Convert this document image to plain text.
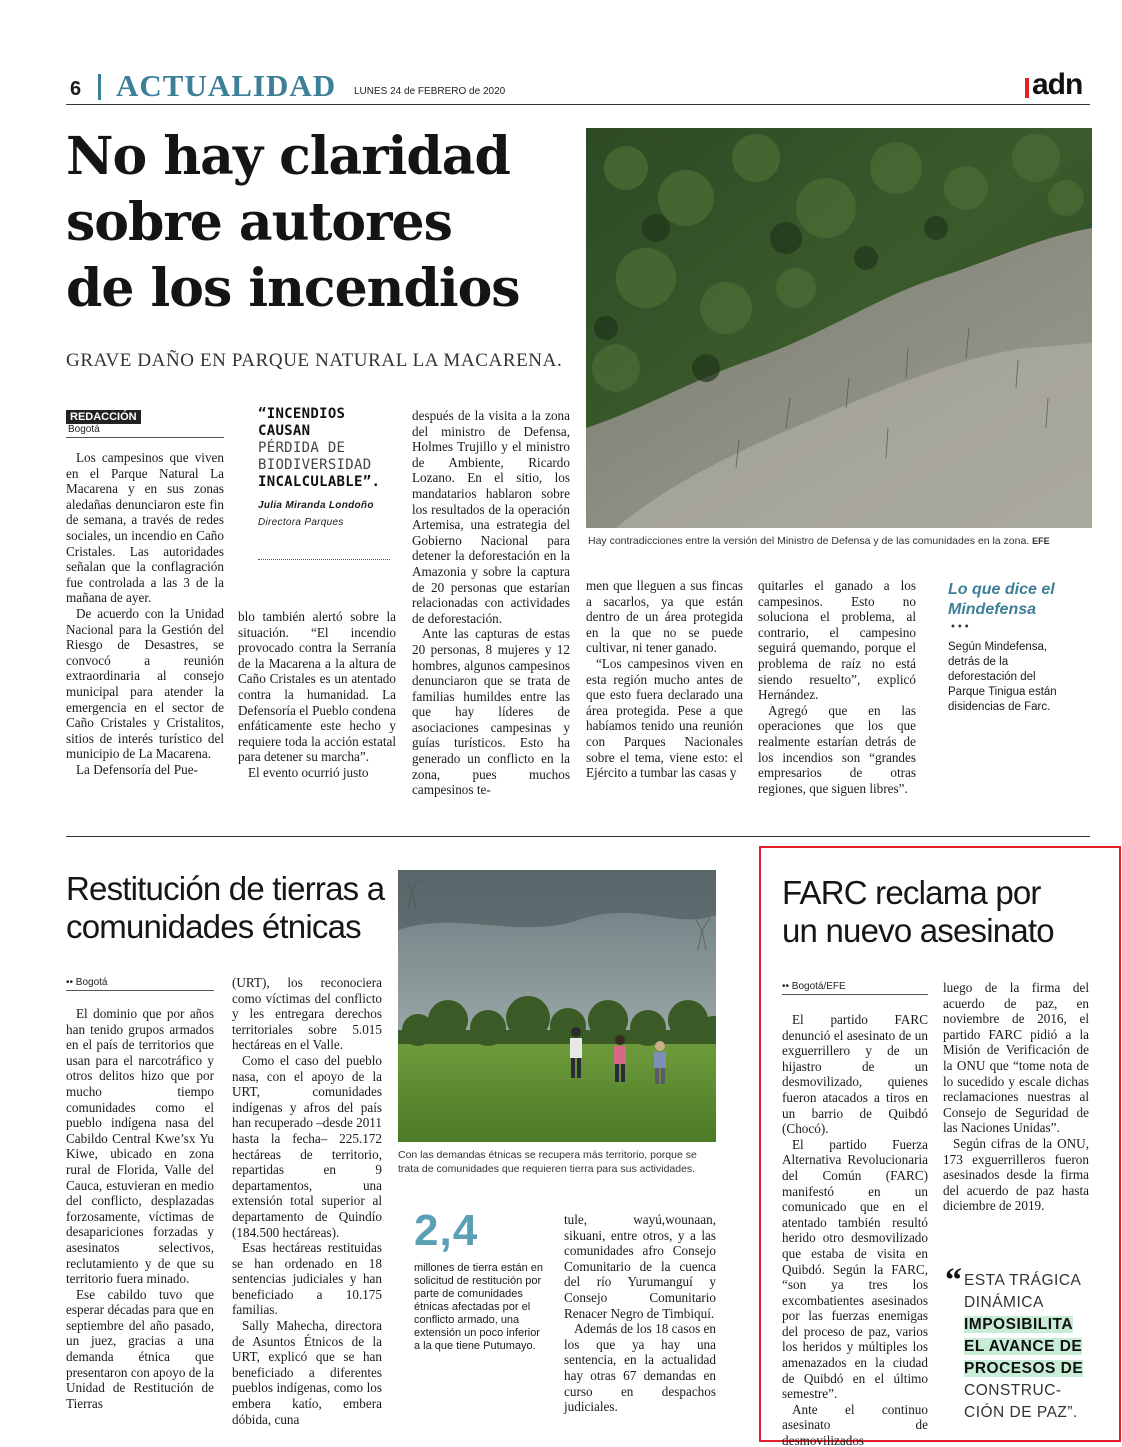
6 ACTUALIDAD LUNES 24 de FEBRERO de 2020	adn
No hay claridad
sobre autores
de los incendios
GRAVE DAÑO EN PARQUE NATURAL LA MACARENA.
Hay contradicciones entre la versión del Ministro de Defensa y de las comunidades en la zona. EFE
REDACCIÓN
Bogotá

Los campesinos que viven en el Parque Natural La Macarena y en sus zonas aledañas denunciaron este fin de semana, a través de redes sociales, un incendio en Caño Cristales. Las autoridades señalan que la conflagración fue controlada a las 3 de la mañana de ayer.

De acuerdo con la Unidad Nacional para la Gestión del Riesgo de Desastres, se convocó a reunión extraordinaria al consejo municipal para atender la emergencia en el sector de Caño Cristales y Cristalitos, sitios de interés turístico del municipio de La Macarena.

La Defensoría del Pue-

“INCENDIOS CAUSAN
PÉRDIDA DE BIODIVERSIDAD
INCALCULABLE”.
Julia Miranda Londoño
Directora Parques

blo también alertó sobre la situación. “El incendio provocado contra la Serranía de la Macarena a la altura de Caño Cristales es un atentado contra la humanidad. La Defensoría el Pueblo condena enfáticamente este hecho y requiere toda la acción estatal para detener su marcha”.

El evento ocurrió justo

después de la visita a la zona del ministro de Defensa, Holmes Trujillo y el ministro de Ambiente, Ricardo Lozano. En el sitio, los mandatarios hablaron sobre los resultados de la operación Artemisa, una estrategia del Gobierno Nacional para detener la deforestación en la Amazonia y sobre la captura de 20 personas que estarían relacionadas con actividades de deforestación.

Ante las capturas de estas 20 personas, 8 mujeres y 12 hombres, algunos campesinos denunciaron que se trata de familias humildes entre las que hay líderes de asociaciones campesinas y guías turísticos. Esto ha generado un conflicto en la zona, pues muchos campesinos te-

men que lleguen a sus fincas a sacarlos, ya que están dentro de un área protegida en la que no se puede cultivar, ni tener ganado.

“Los campesinos viven en esta región mucho antes de que esto fuera declarado una área protegida. Pese a que habíamos tenido una reunión con Parques Nacionales sobre el tema, viene esto: el Ejército a tumbar las casas y

quitarles el ganado a los campesinos. Esto no soluciona el problema, al contrario, el campesino seguirá quemando, porque el problema de raíz no está siendo resuelto”, explicó Hernández.

Agregó que en las operaciones que los que realmente estarían detrás de los incendios son “grandes empresarios de otras regiones, que siguen libres”.

Lo que dice el Mindefensa
•••
Según Mindefensa, detrás de la deforestación del Parque Tinigua están disidencias de Farc.
Restitución de tierras a
comunidades étnicas
•• Bogotá

El dominio que por años han tenido grupos armados en el país de territorios que usan para el narcotráfico y otros delitos hizo que por mucho tiempo comunidades como el pueblo indígena nasa del Cabildo Central Kwe’sx Yu Kiwe, ubicado en zona rural de Florida, Valle del Cauca, estuvieran en medio del conflicto, desplazadas forzosamente, víctimas de desapariciones forzadas y asesinatos selectivos, reclutamiento y de que su territorio fuera minado.

Ese cabildo tuvo que esperar décadas para que en septiembre del año pasado, un juez, gracias a una demanda étnica que presentaron con apoyo de la Unidad de Restitución de Tierras

(URT), los reconociera como víctimas del conflicto y les entregara derechos territoriales sobre 5.015 hectáreas en el Valle.

Como el caso del pueblo nasa, con el apoyo de la URT, comunidades indígenas y afros del país han recuperado –desde 2011 hasta la fecha– 225.172 hectáreas de territorio, repartidas en 9 departamentos, una extensión total superior al departamento de Quindío (184.500 hectáreas).

Esas hectáreas restituidas se han ordenado en 18 sentencias judiciales y han beneficiado a 10.175 familias.

Sally Mahecha, directora de Asuntos Étnicos de la URT, explicó que se han beneficiado a diferentes pueblos indígenas, como los embera katío, embera dóbida, cuna

Con las demandas étnicas se recupera más territorio, porque se trata de comunidades que requieren tierra para sus actividades.
2,4
millones de tierra están en solicitud de restitución por parte de comunidades étnicas afectadas por el conflicto armado, una extensión un poco inferior a la que tiene Putumayo.

tule, wayú,wounaan, sikuani, entre otros, y a las comunidades afro Consejo Comunitario de la cuenca del río Yurumanguí y Consejo Comunitario Renacer Negro de Timbiquí.

Además de los 18 casos en los que ya hay una sentencia, en la actualidad hay otras 67 demandas en curso en despachos judiciales.

FARC reclama por
un nuevo asesinato
•• Bogotá/EFE

El partido FARC denunció el asesinato de un exguerrillero y de un hijastro de un desmovilizado, quienes fueron atacados a tiros en un barrio de Quibdó (Chocó).

El partido Fuerza Alternativa Revolucionaria del Común (FARC) manifestó en un comunicado que en el atentado también resultó herido otro desmovilizado que estaba de visita en Quibdó. Según la FARC, “son ya tres los excombatientes asesinados por las fuerzas enemigas del proceso de paz, varios los heridos y múltiples los amenazados en la ciudad de Quibdó en el último semestre”.

Ante el continuo asesinato de desmovilizados

luego de la firma del acuerdo de paz, en noviembre de 2016, el partido FARC pidió a la Misión de Verificación de la ONU que “tome nota de lo sucedido y escale dichas reclamaciones nuestras al Consejo de Seguridad de las Naciones Unidas”.

Según cifras de la ONU, 173 exguerrilleros fueron asesinados desde la firma del acuerdo de paz hasta diciembre de 2019.

“ ESTA TRÁGICA
DINÁMICA
IMPOSIBILITA
EL AVANCE DE
PROCESOS DE
CONSTRUC-
CIÓN DE PAZ”.
